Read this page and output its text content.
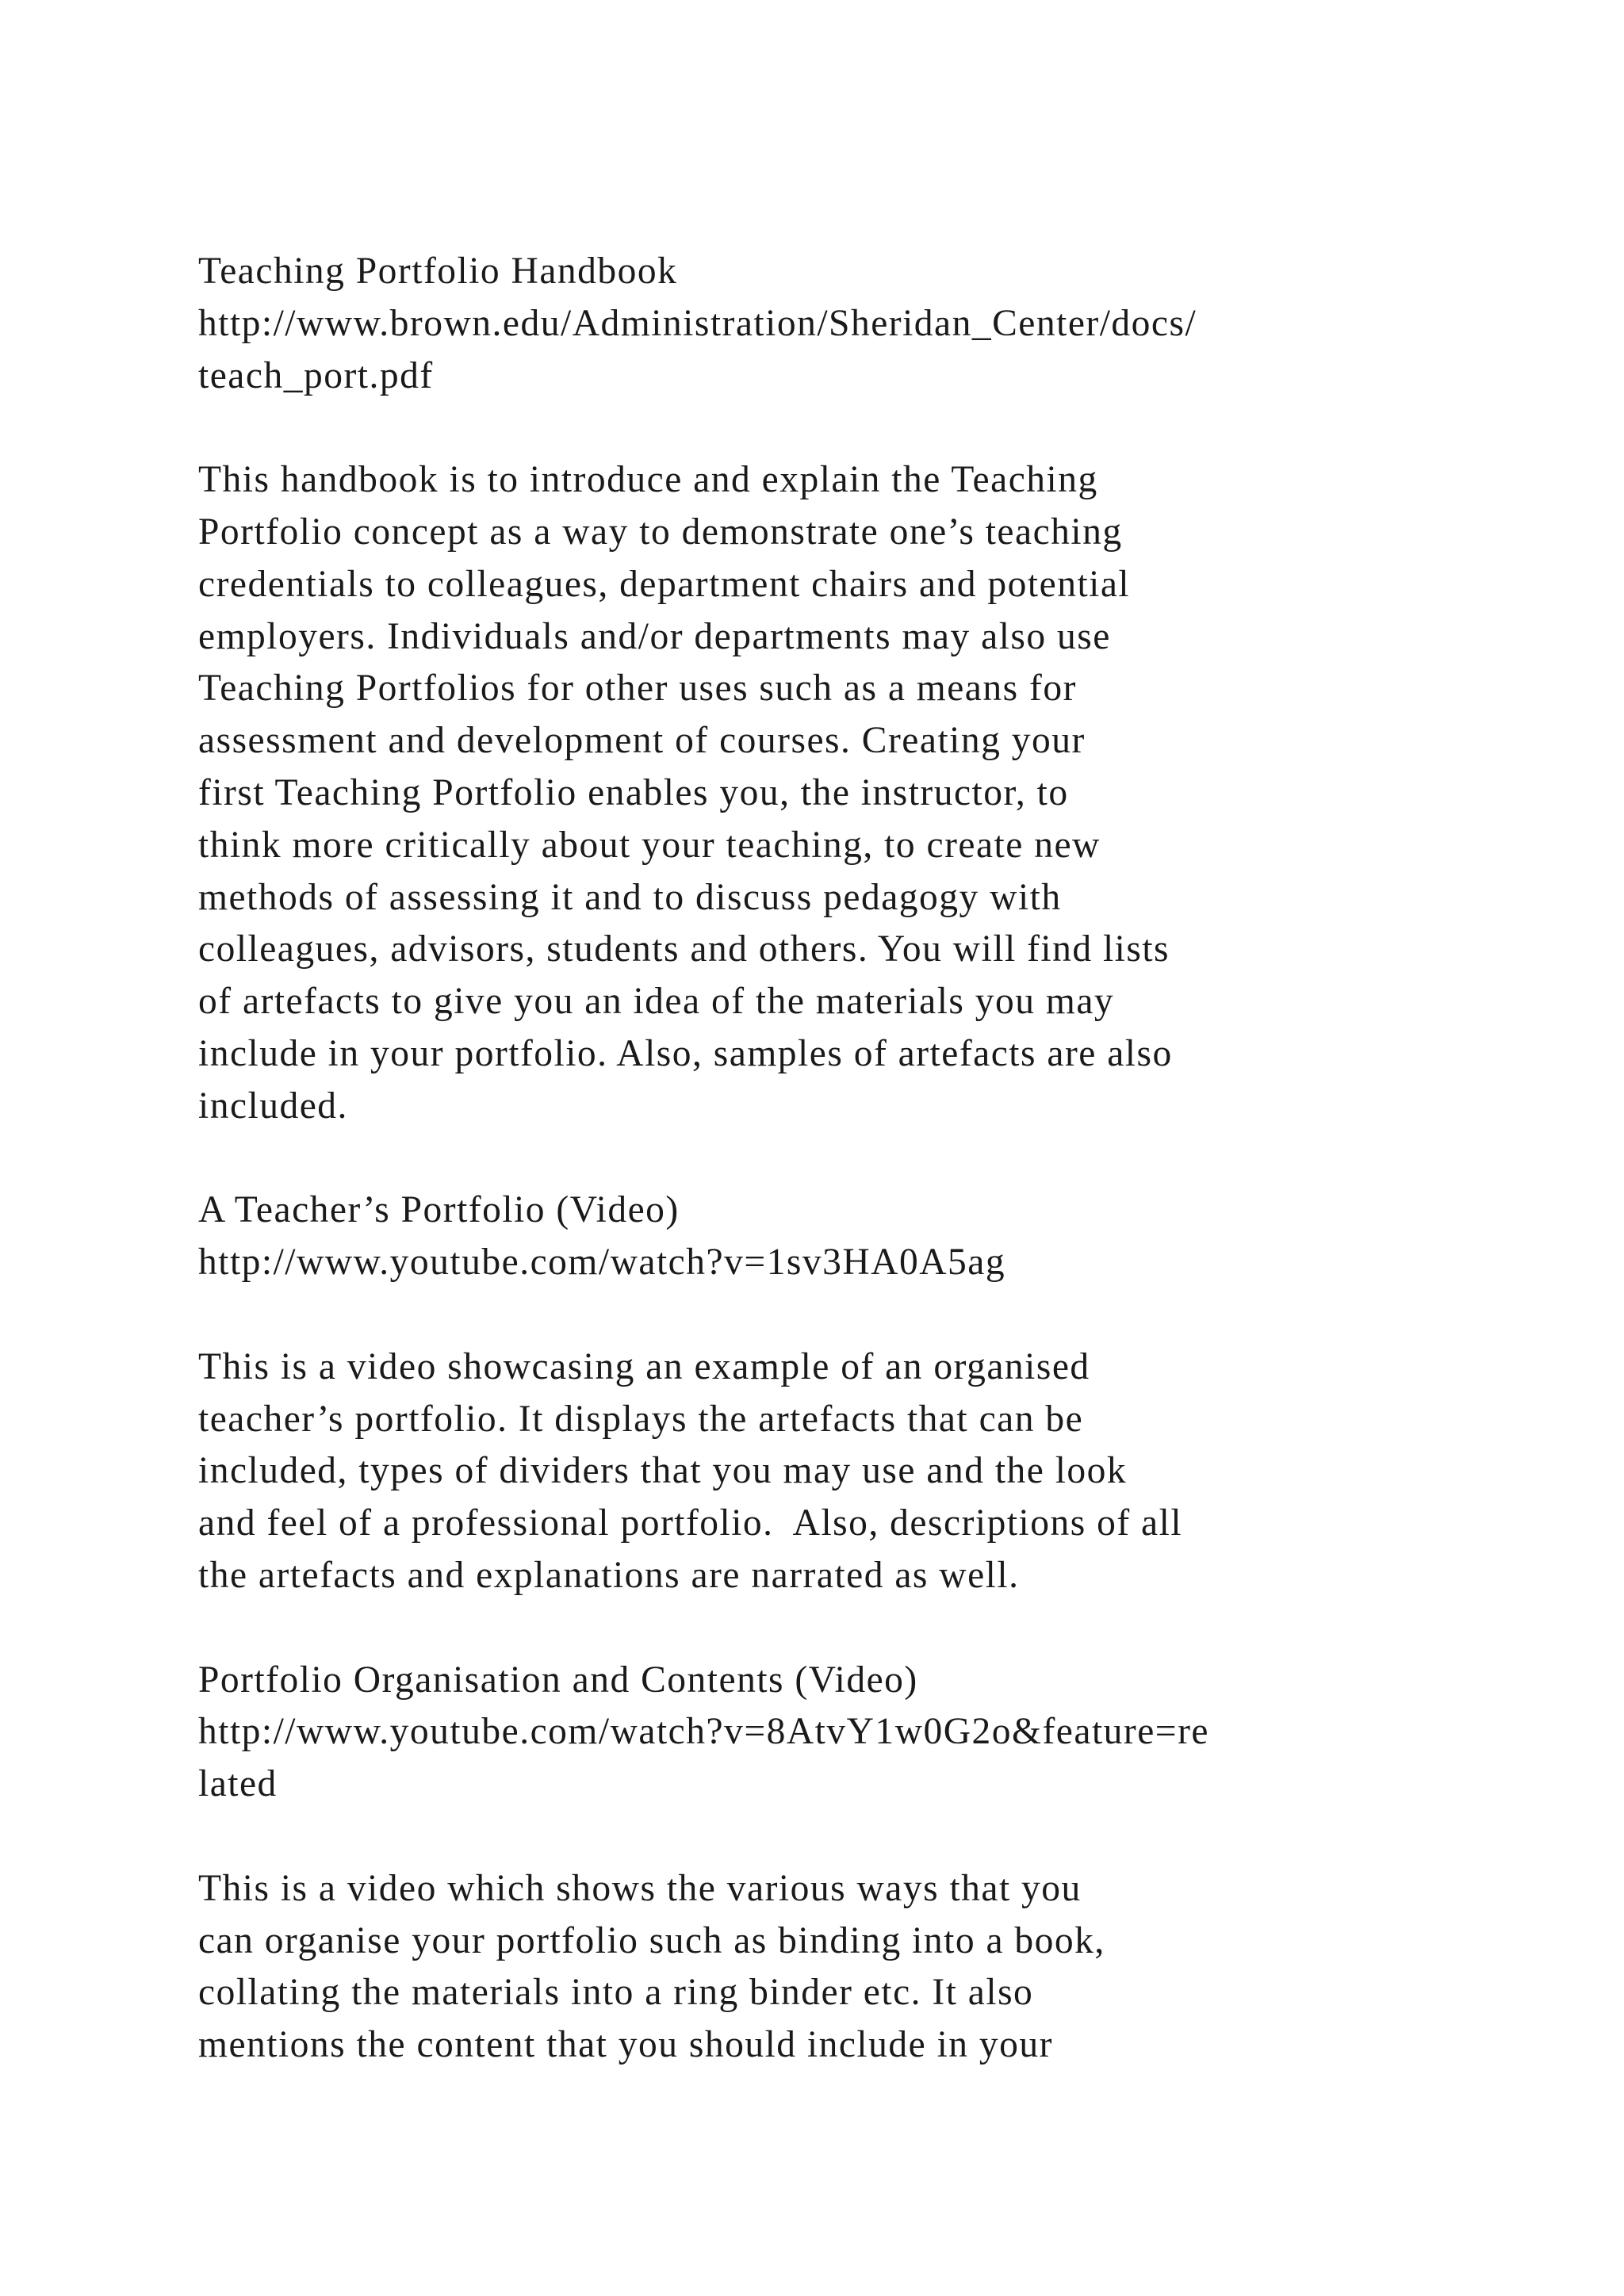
Teaching Portfolio Handbook
http://www.brown.edu/Administration/Sheridan_Center/docs/
teach_port.pdf
This handbook is to introduce and explain the Teaching
Portfolio concept as a way to demonstrate one’s teaching
credentials to colleagues, department chairs and potential
employers. Individuals and/or departments may also use
Teaching Portfolios for other uses such as a means for
assessment and development of courses. Creating your
first Teaching Portfolio enables you, the instructor, to
think more critically about your teaching, to create new
methods of assessing it and to discuss pedagogy with
colleagues, advisors, students and others. You will find lists
of artefacts to give you an idea of the materials you may
include in your portfolio. Also, samples of artefacts are also
included.
A Teacher’s Portfolio (Video)
http://www.youtube.com/watch?v=1sv3HA0A5ag
This is a video showcasing an example of an organised
teacher’s portfolio. It displays the artefacts that can be
included, types of dividers that you may use and the look
and feel of a professional portfolio.  Also, descriptions of all
the artefacts and explanations are narrated as well.
Portfolio Organisation and Contents (Video)
http://www.youtube.com/watch?v=8AtvY1w0G2o&feature=re
lated
This is a video which shows the various ways that you
can organise your portfolio such as binding into a book,
collating the materials into a ring binder etc. It also
mentions the content that you should include in your
